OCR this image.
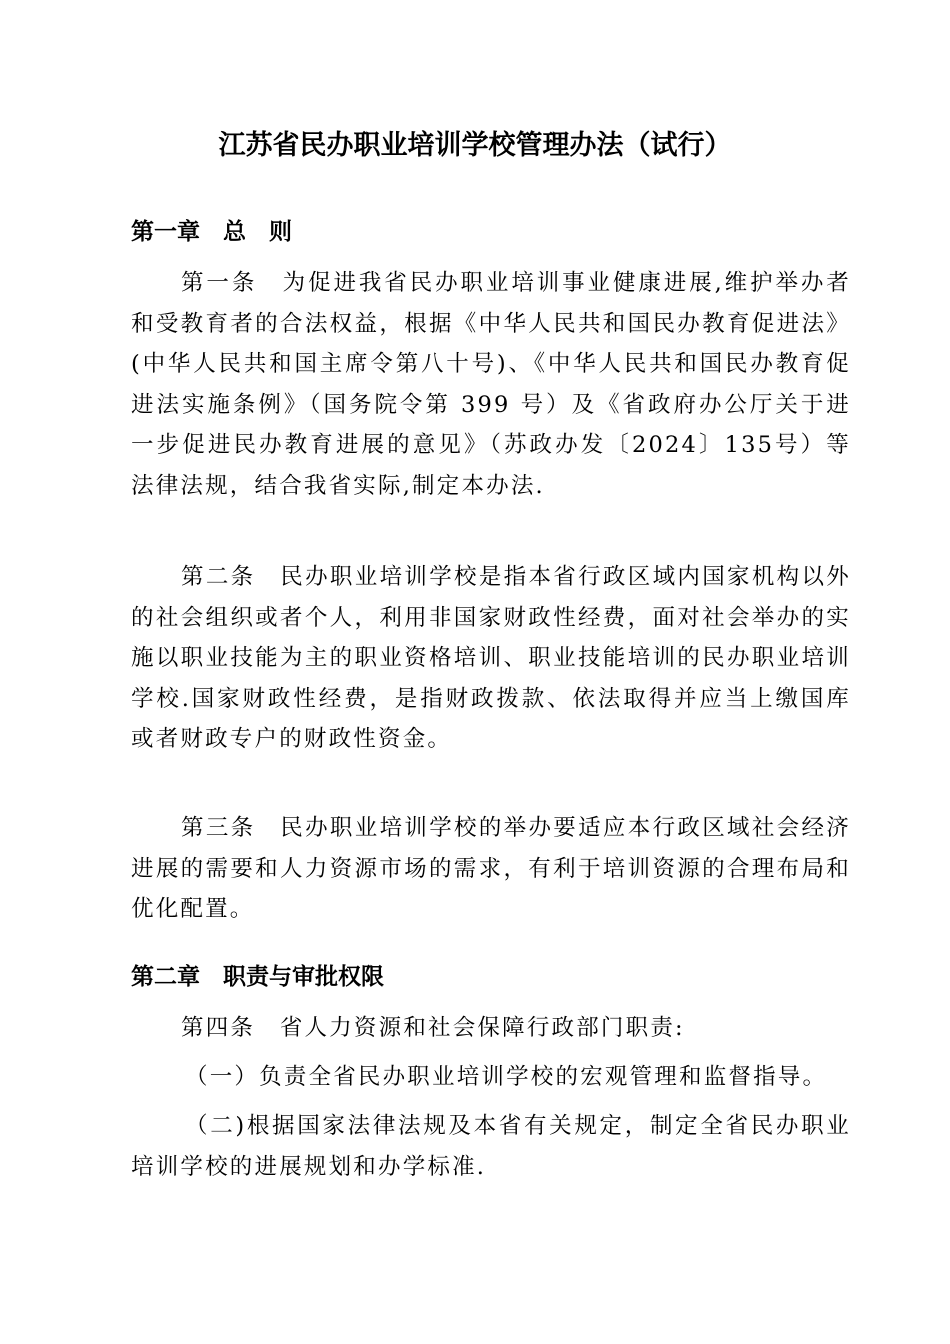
江苏省民办职业培训学校管理办法（试行）
第一章　总　则

第一条　 为促进我省民办职业培训事业健康进展,维护举办者和受教育者的合法权益，根据《中华人民共和国民办教育促进法》(中华人民共和国主席令第八十号)、《中华人民共和国民办教育促进法实施条例》（国务院令第 399 号）及《省政府办公厅关于进一步促进民办教育进展的意见》（苏政办发〔2024〕135号）等法律法规，结合我省实际,制定本办法.

第二条　 民办职业培训学校是指本省行政区域内国家机构以外的社会组织或者个人，利用非国家财政性经费，面对社会举办的实施以职业技能为主的职业资格培训、职业技能培训的民办职业培训学校.国家财政性经费，是指财政拨款、依法取得并应当上缴国库或者财政专户的财政性资金。

第三条　 民办职业培训学校的举办要适应本行政区域社会经济进展的需要和人力资源市场的需求，有利于培训资源的合理布局和优化配置。

第二章　职责与审批权限

第四条　 省人力资源和社会保障行政部门职责:

（一）负责全省民办职业培训学校的宏观管理和监督指导。

（二)根据国家法律法规及本省有关规定，制定全省民办职业培训学校的进展规划和办学标准.
